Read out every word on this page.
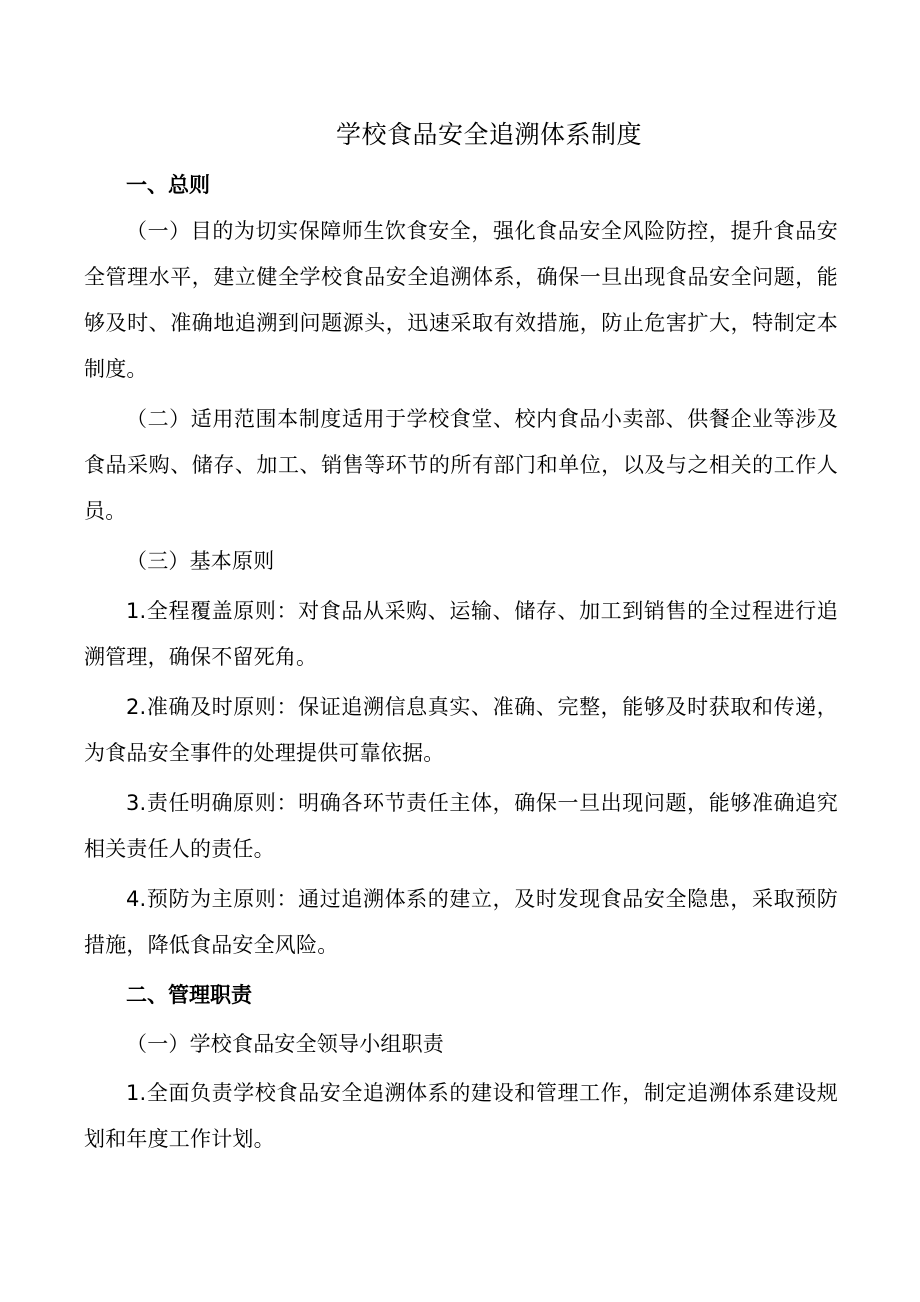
学校食品安全追溯体系制度
一、总则

（一）目的为切实保障师生饮食安全，强化食品安全风险防控，提升食品安全管理水平，建立健全学校食品安全追溯体系，确保一旦出现食品安全问题，能够及时、准确地追溯到问题源头，迅速采取有效措施，防止危害扩大，特制定本制度。

（二）适用范围本制度适用于学校食堂、校内食品小卖部、供餐企业等涉及食品采购、储存、加工、销售等环节的所有部门和单位，以及与之相关的工作人员。

（三）基本原则

1.全程覆盖原则：对食品从采购、运输、储存、加工到销售的全过程进行追溯管理，确保不留死角。

2.准确及时原则：保证追溯信息真实、准确、完整，能够及时获取和传递，为食品安全事件的处理提供可靠依据。

3.责任明确原则：明确各环节责任主体，确保一旦出现问题，能够准确追究相关责任人的责任。

4.预防为主原则：通过追溯体系的建立，及时发现食品安全隐患，采取预防措施，降低食品安全风险。

二、管理职责

（一）学校食品安全领导小组职责

1.全面负责学校食品安全追溯体系的建设和管理工作，制定追溯体系建设规划和年度工作计划。
